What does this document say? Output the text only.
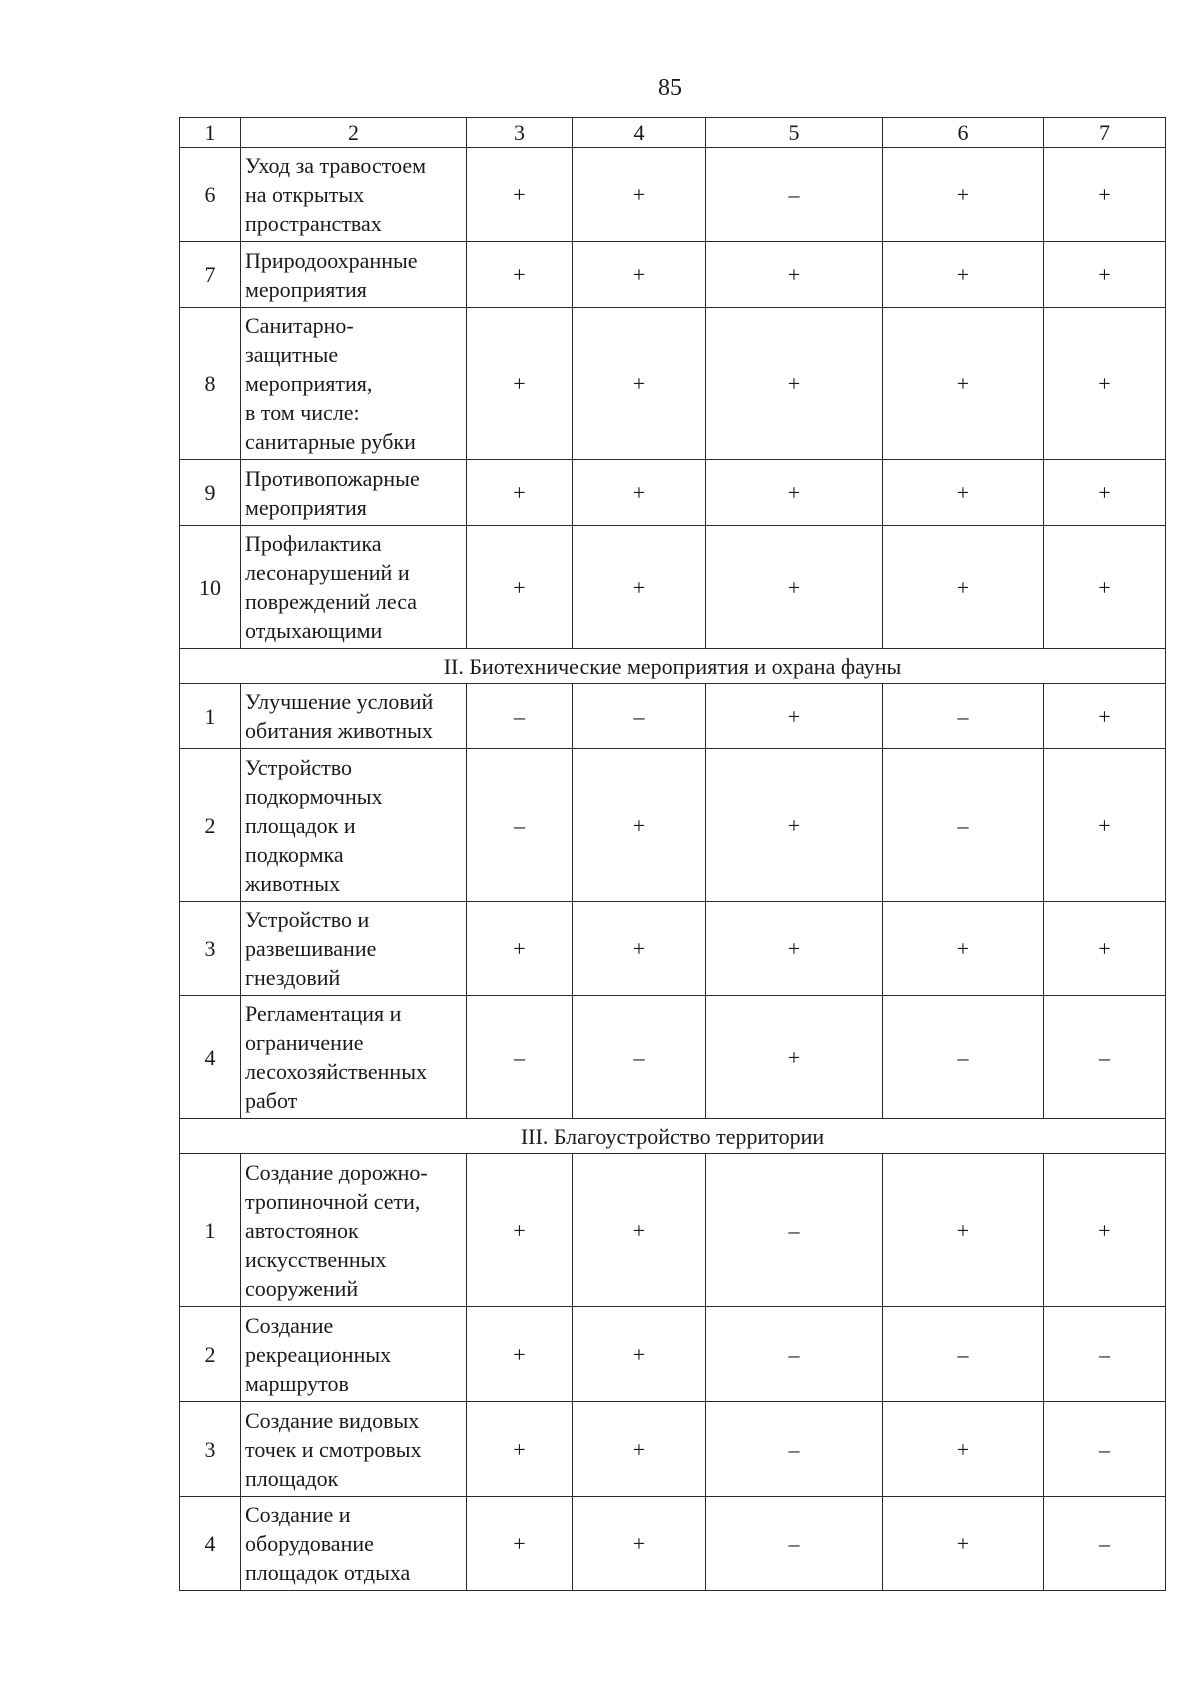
85
1	2	3	4	5	6	7
6	Уход за травостоем
на открытых
пространствах	+	+	–	+	+
7	Природоохранные
мероприятия	+	+	+	+	+
8	Санитарно-
защитные
мероприятия,
в том числе:
санитарные рубки	+	+	+	+	+
9	Противопожарные
мероприятия	+	+	+	+	+
10	Профилактика
лесонарушений и
повреждений леса
отдыхающими	+	+	+	+	+
II. Биотехнические мероприятия и охрана фауны						
1	Улучшение условий
обитания животных	–	–	+	–	+
2	Устройство
подкормочных
площадок и
подкормка
животных	–	+	+	–	+
3	Устройство и
развешивание
гнездовий	+	+	+	+	+
4	Регламентация и
ограничение
лесохозяйственных
работ	–	–	+	–	–
III. Благоустройство территории						
1	Создание дорожно-
тропиночной сети,
автостоянок
искусственных
сооружений	+	+	–	+	+
2	Создание
рекреационных
маршрутов	+	+	–	–	–
3	Создание видовых
точек и смотровых
площадок	+	+	–	+	–
4	Создание и
оборудование
площадок отдыха	+	+	–	+	–
